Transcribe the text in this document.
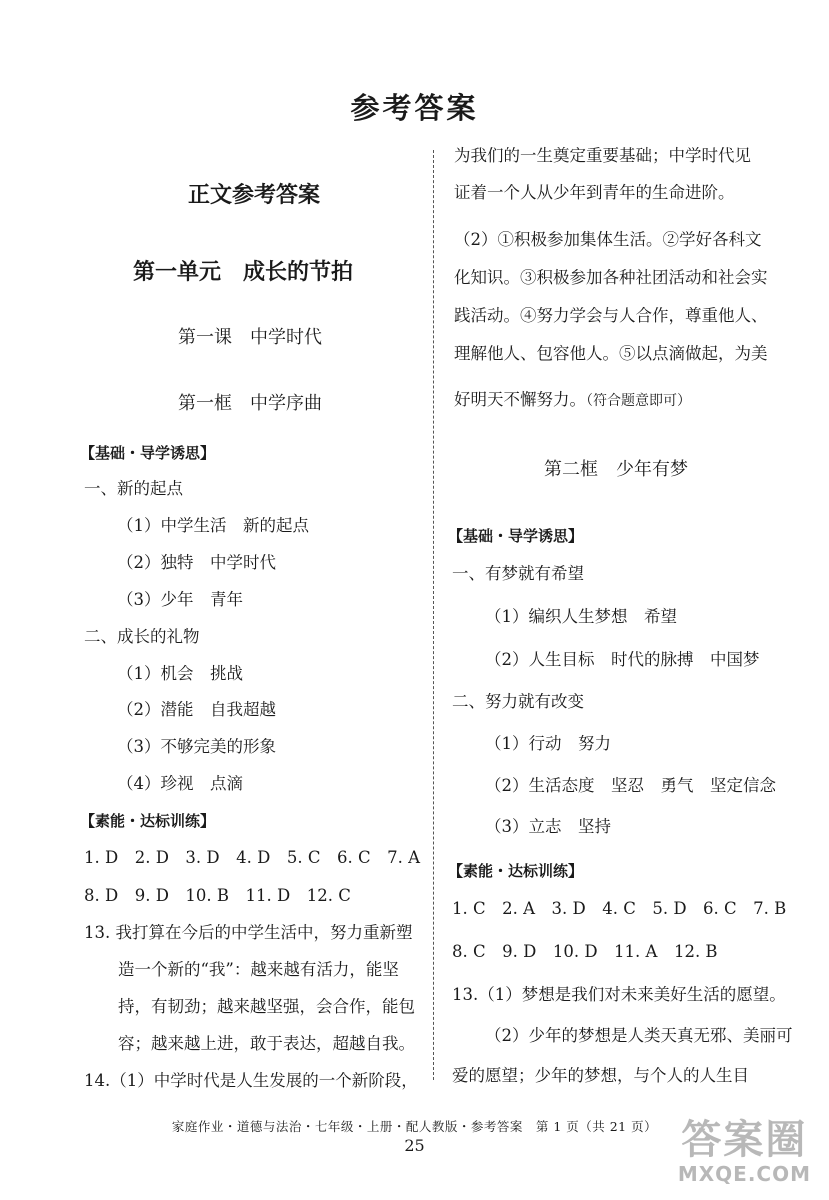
参考答案
正文参考答案
第一单元　成长的节拍
第一课　中学时代
第一框　中学序曲
【基础・导学诱思】
一、新的起点
（1）中学生活　新的起点
（2）独特　中学时代
（3）少年　青年
二、成长的礼物
（1）机会　挑战
（2）潜能　自我超越
（3）不够完美的形象
（4）珍视　点滴
【素能・达标训练】
1. D　2. D　3. D　4. D　5. C　6. C　7. A
8. D　9. D　10. B　11. D　12. C
13. 我打算在今后的中学生活中，努力重新塑
造一个新的“我”：越来越有活力，能坚
持，有韧劲；越来越坚强，会合作，能包
容；越来越上进，敢于表达，超越自我。
14.（1）中学时代是人生发展的一个新阶段，
为我们的一生奠定重要基础；中学时代见
证着一个人从少年到青年的生命进阶。
（2）①积极参加集体生活。②学好各科文
化知识。③积极参加各种社团活动和社会实
践活动。④努力学会与人合作，尊重他人、
理解他人、包容他人。⑤以点滴做起，为美
好明天不懈努力。（符合题意即可）
第二框　少年有梦
【基础・导学诱思】
一、有梦就有希望
（1）编织人生梦想　希望
（2）人生目标　时代的脉搏　中国梦
二、努力就有改变
（1）行动　努力
（2）生活态度　坚忍　勇气　坚定信念
（3）立志　坚持
【素能・达标训练】
1. C　2. A　3. D　4. C　5. D　6. C　7. B
8. C　9. D　10. D　11. A　12. B
13.（1）梦想是我们对未来美好生活的愿望。
（2）少年的梦想是人类天真无邪、美丽可
爱的愿望；少年的梦想，与个人的人生目
家庭作业・道德与法治・七年级・上册・配人教版・参考答案　第 1 页（共 21 页）
25	答案圈
MXQE.COM
